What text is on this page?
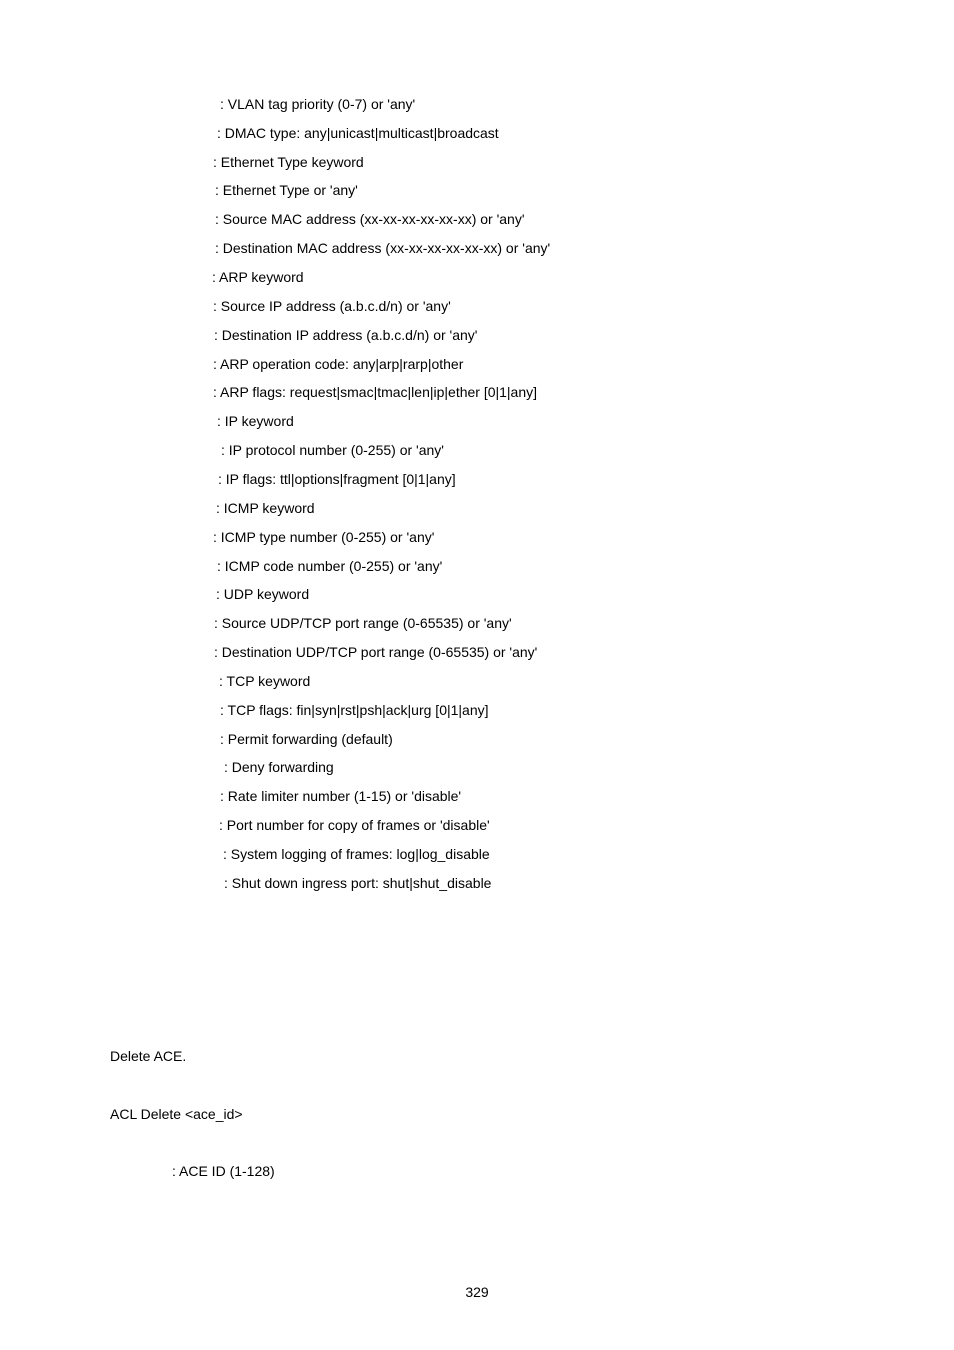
: VLAN tag priority (0-7) or 'any'
: DMAC type: any|unicast|multicast|broadcast
: Ethernet Type keyword
: Ethernet Type or 'any'
: Source MAC address (xx-xx-xx-xx-xx-xx) or 'any'
: Destination MAC address (xx-xx-xx-xx-xx-xx) or 'any'
: ARP keyword
: Source IP address (a.b.c.d/n) or 'any'
: Destination IP address (a.b.c.d/n) or 'any'
: ARP operation code: any|arp|rarp|other
: ARP flags: request|smac|tmac|len|ip|ether [0|1|any]
: IP keyword
: IP protocol number (0-255) or 'any'
: IP flags: ttl|options|fragment [0|1|any]
: ICMP keyword
: ICMP type number (0-255) or 'any'
: ICMP code number (0-255) or 'any'
: UDP keyword
: Source UDP/TCP port range (0-65535) or 'any'
: Destination UDP/TCP port range (0-65535) or 'any'
: TCP keyword
: TCP flags: fin|syn|rst|psh|ack|urg [0|1|any]
: Permit forwarding (default)
: Deny forwarding
: Rate limiter number (1-15) or 'disable'
: Port number for copy of frames or 'disable'
: System logging of frames: log|log_disable
: Shut down ingress port: shut|shut_disable
Delete ACE.
ACL Delete <ace_id>
: ACE ID (1-128)
329
